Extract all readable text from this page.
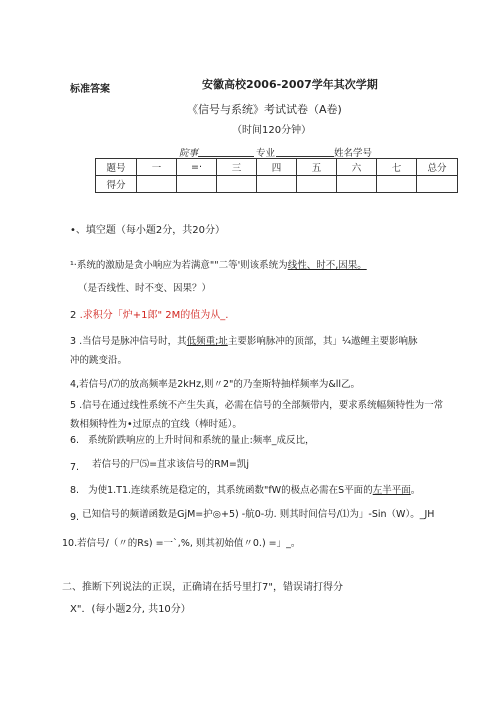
标准答案	安徽高校2006-2007学年其次学期
《信号与系统》考试试卷（A卷)
（时间120分钟）
院事	专业	姓名学号
题号	一	=·	三	四	五	六	七	总分
得分								
•、填空题（每小题2分，共20分）
¹·系统的激励是贪小响应为若满意""二等'则该系统为线性、时不,因果。
（是否线性、时不变、因果？）
2 .求积分「炉+1郎" 2M的值为从_.
3 .当信号是脉冲信号时，其低频重;址主要影响脉冲的顶部，其」¼遨鲤主要影响脉
冲的跳变沿。
4,若信号/⑺的放高频率是2kHz,则〃2"的乃奎斯特抽样频率为&ll乙。
5 .信号在通过线性系统不产生失真，必需在信号的全部频带内，要求系统幅频特性为一常
数相频特性为•过原点的宜线（棒时延）。
6. 系统阶跌响应的上升时间和系统的量止:频率_成反比，
7. 若信号的尸⑸=苴求该信号的RM=凯j
8. 为使1.T1.连续系统是稳定的，其系统函数"fW的极点必需在S平面的左半平面。
9. 已知信号的频谱函数是GjM=护◎+5) -航0-功. 则其时间信号/⑴为」-Sin（W）。_JH
10.若信号/（〃的Rs) =一`,%, 则其初始值〃0.) =」_。
二、推断下列说法的正误，正确请在括号里打7"，错误请打得分
X"．(每小题2分, 共10分）
